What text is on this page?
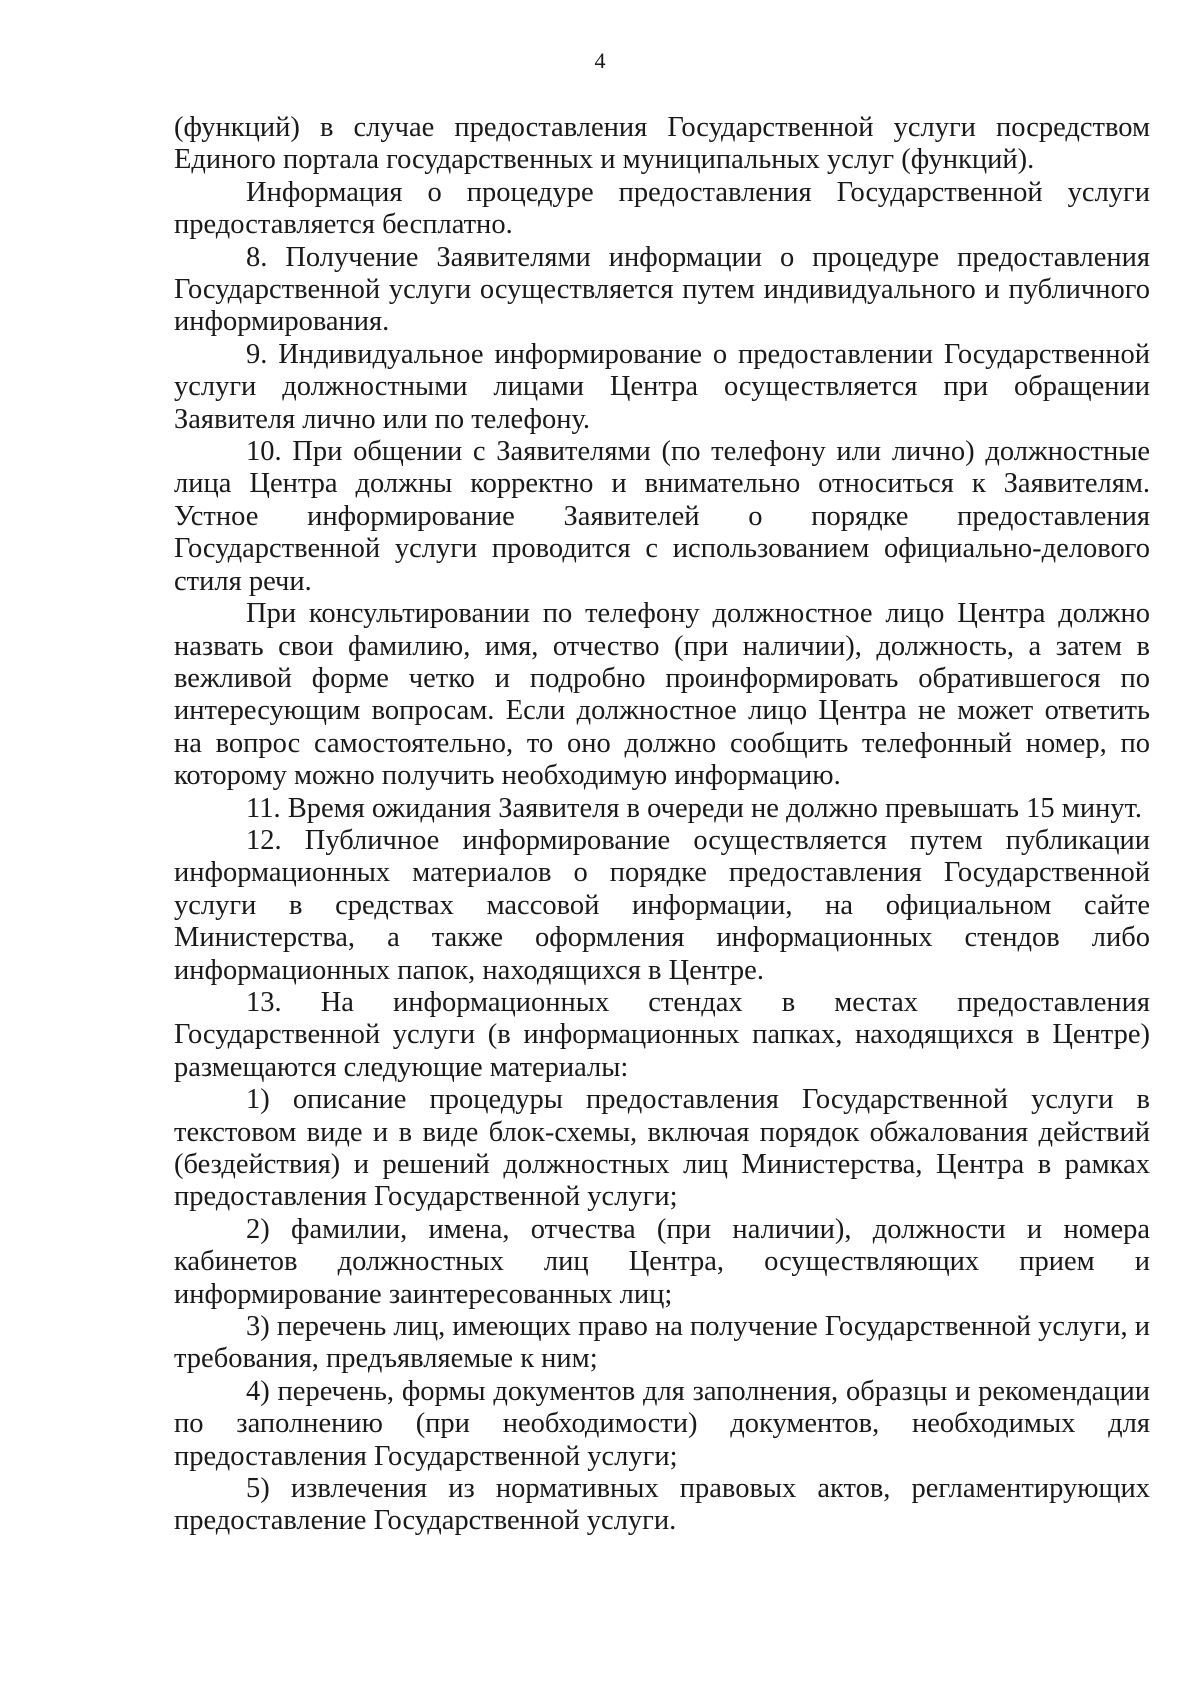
4

(функций) в случае предоставления Государственной услуги посредством Единого портала государственных и муниципальных услуг (функций).

Информация о процедуре предоставления Государственной услуги предоставляется бесплатно.

8. Получение Заявителями информации о процедуре предоставления Государственной услуги осуществляется путем индивидуального и публичного информирования.

9. Индивидуальное информирование о предоставлении Государственной услуги должностными лицами Центра осуществляется при обращении Заявителя лично или по телефону.

10. При общении с Заявителями (по телефону или лично) должностные лица Центра должны корректно и внимательно относиться к Заявителям. Устное информирование Заявителей о порядке предоставления Государственной услуги проводится с использованием официально-делового стиля речи.

При консультировании по телефону должностное лицо Центра должно назвать свои фамилию, имя, отчество (при наличии), должность, а затем в вежливой форме четко и подробно проинформировать обратившегося по интересующим вопросам. Если должностное лицо Центра не может ответить на вопрос самостоятельно, то оно должно сообщить телефонный номер, по которому можно получить необходимую информацию.

11. Время ожидания Заявителя в очереди не должно превышать 15 минут.

12. Публичное информирование осуществляется путем публикации информационных материалов о порядке предоставления Государственной услуги в средствах массовой информации, на официальном сайте Министерства, а также оформления информационных стендов либо информационных папок, находящихся в Центре.

13. На информационных стендах в местах предоставления Государственной услуги (в информационных папках, находящихся в Центре) размещаются следующие материалы:

1) описание процедуры предоставления Государственной услуги в текстовом виде и в виде блок-схемы, включая порядок обжалования действий (бездействия) и решений должностных лиц Министерства, Центра в рамках предоставления Государственной услуги;

2) фамилии, имена, отчества (при наличии), должности и номера кабинетов должностных лиц Центра, осуществляющих прием и информирование заинтересованных лиц;

3) перечень лиц, имеющих право на получение Государственной услуги, и требования, предъявляемые к ним;

4) перечень, формы документов для заполнения, образцы и рекомендации по заполнению (при необходимости) документов, необходимых для предоставления Государственной услуги;

5) извлечения из нормативных правовых актов, регламентирующих предоставление Государственной услуги.
